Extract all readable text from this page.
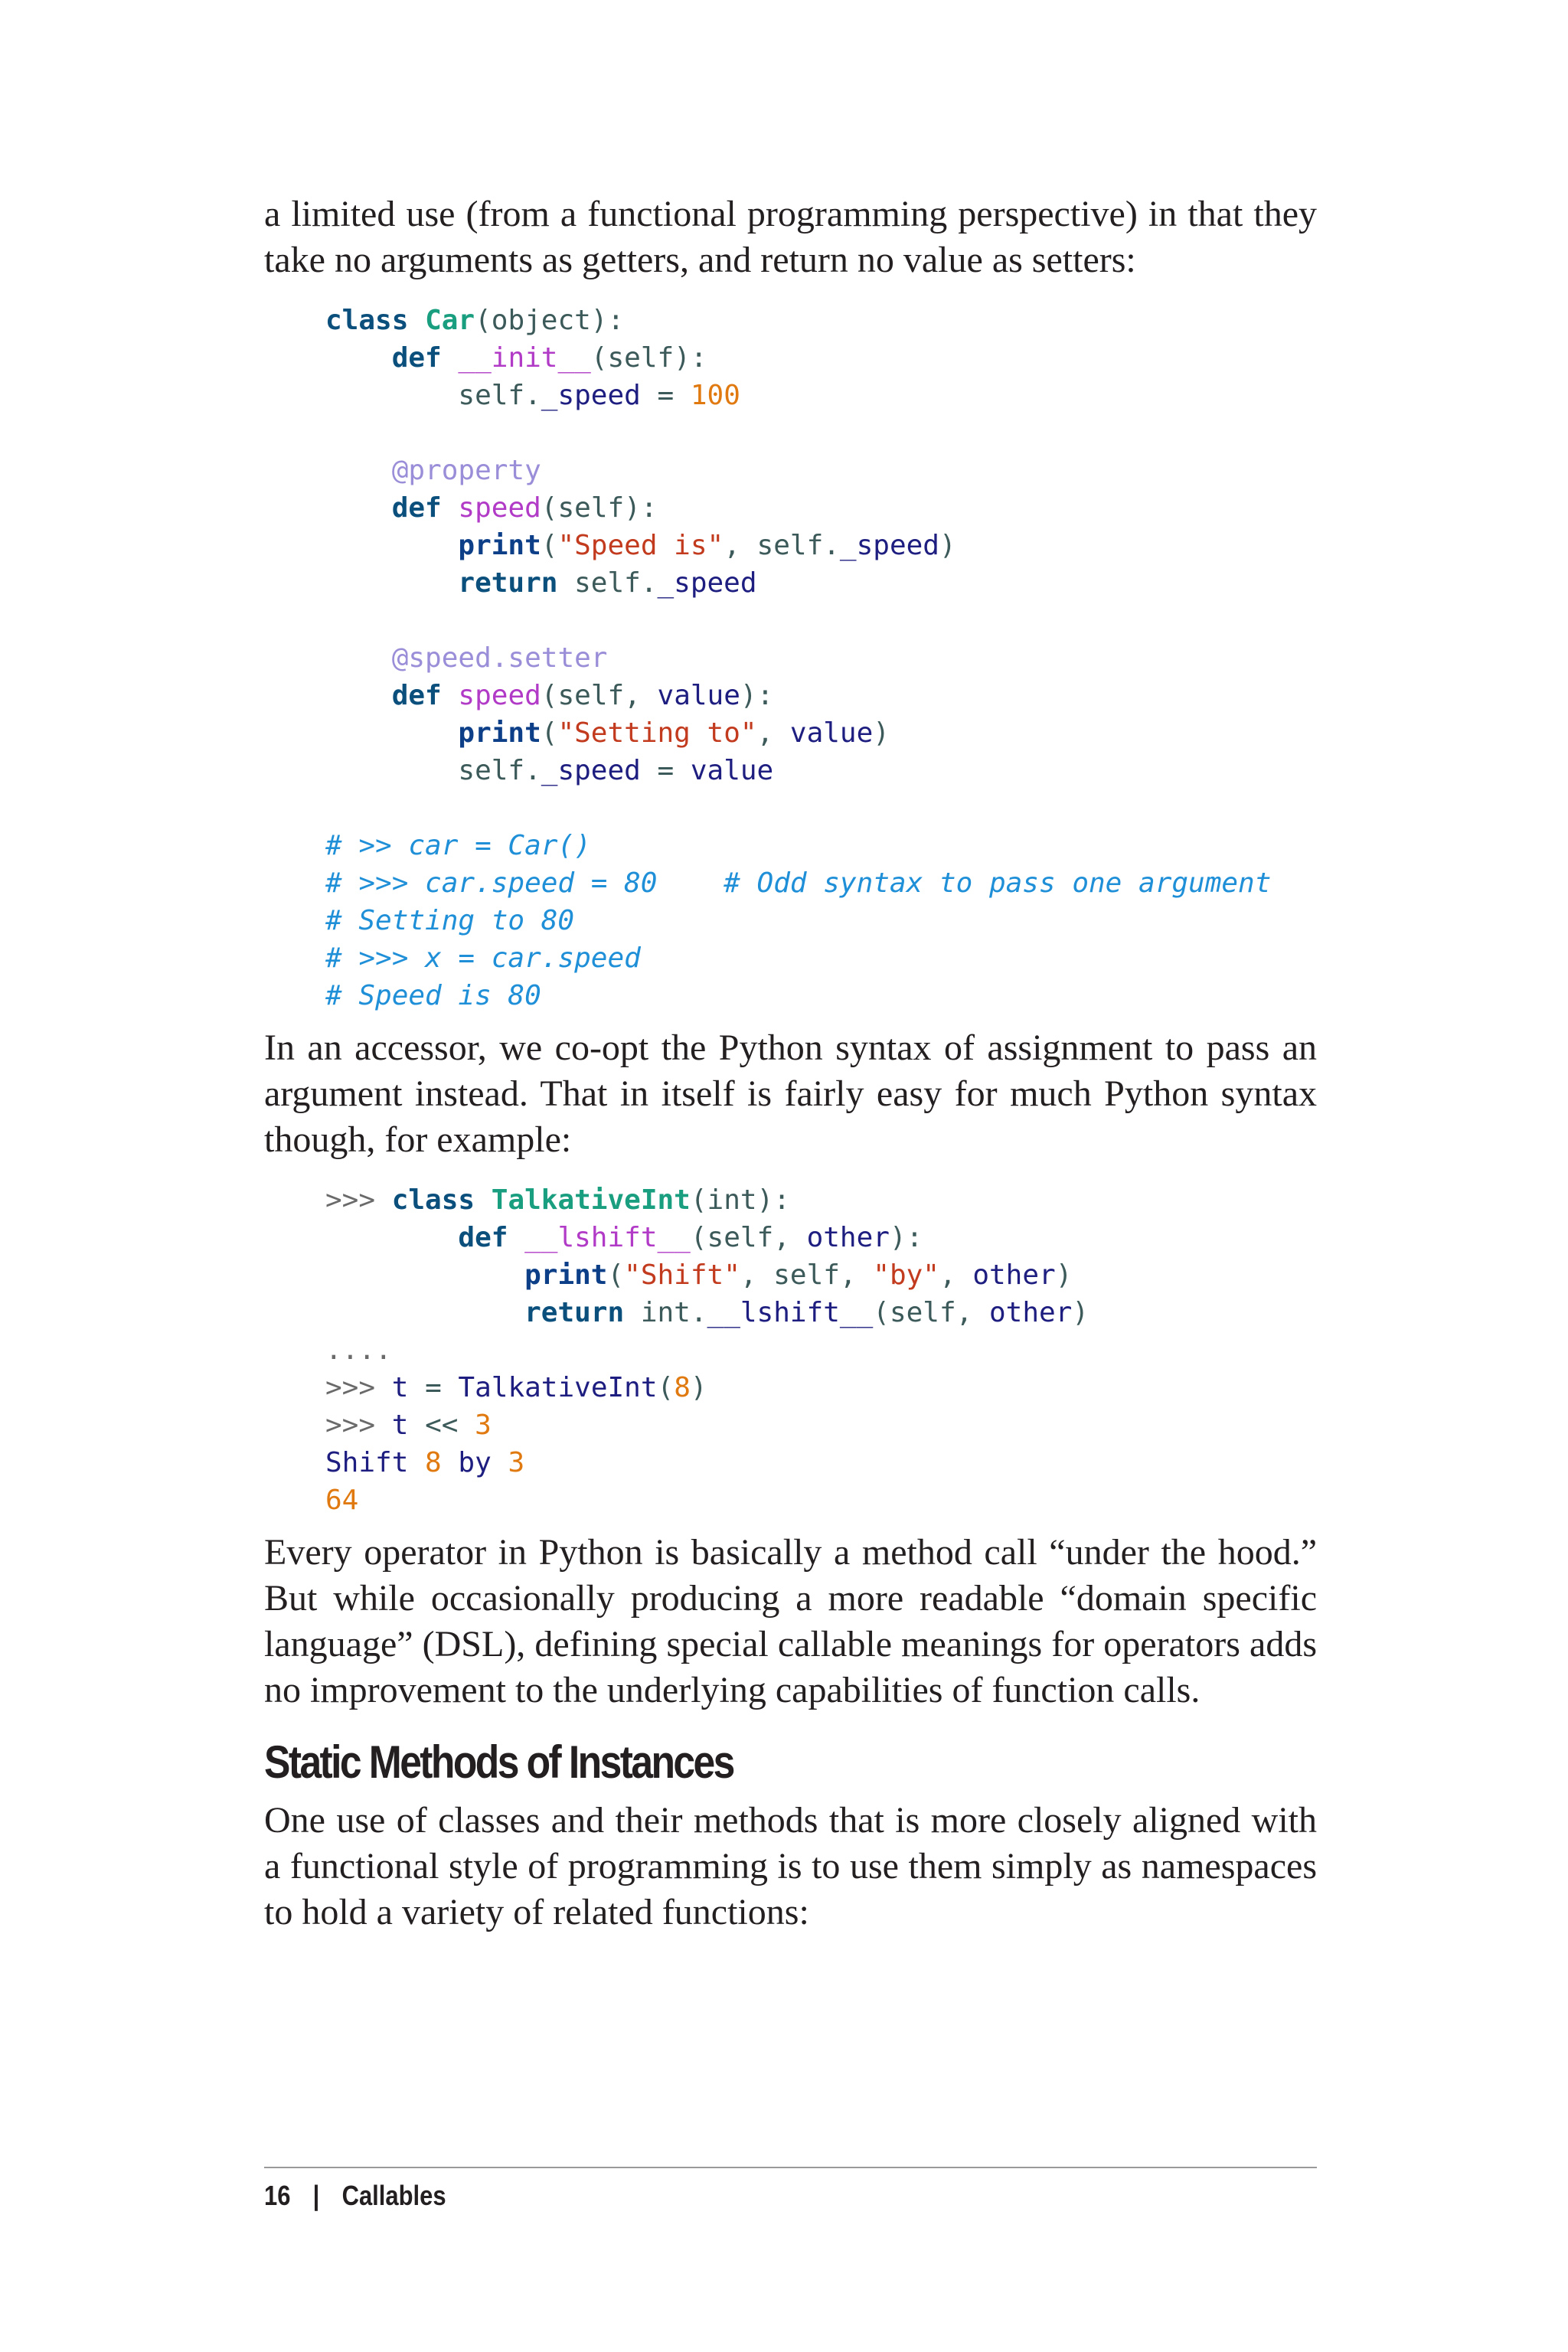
a limited use (from a functional programming perspective) in that they take no arguments as getters, and return no value as setters:

class Car(object):
def __init__(self):
self._speed = 100

@property
def speed(self):
print("Speed is", self._speed)
return self._speed

@speed.setter
def speed(self, value):
print("Setting to", value)
self._speed = value

# >> car = Car()
# >>> car.speed = 80    # Odd syntax to pass one argument
# Setting to 80
# >>> x = car.speed
# Speed is 80

In an accessor, we co-opt the Python syntax of assignment to pass an argument instead. That in itself is fairly easy for much Python syntax though, for example:

>>> class TalkativeInt(int):
def __lshift__(self, other):
print("Shift", self, "by", other)
return int.__lshift__(self, other)
....
>>> t = TalkativeInt(8)
>>> t << 3
Shift 8 by 3
64

Every operator in Python is basically a method call “under the hood.” But while occasionally producing a more readable “domain specific language” (DSL), defining special callable meanings for operators adds no improvement to the underlying capabilities of function calls.

Static Methods of Instances

One use of classes and their methods that is more closely aligned with a functional style of programming is to use them simply as namespaces to hold a variety of related functions:

16 | Callables
